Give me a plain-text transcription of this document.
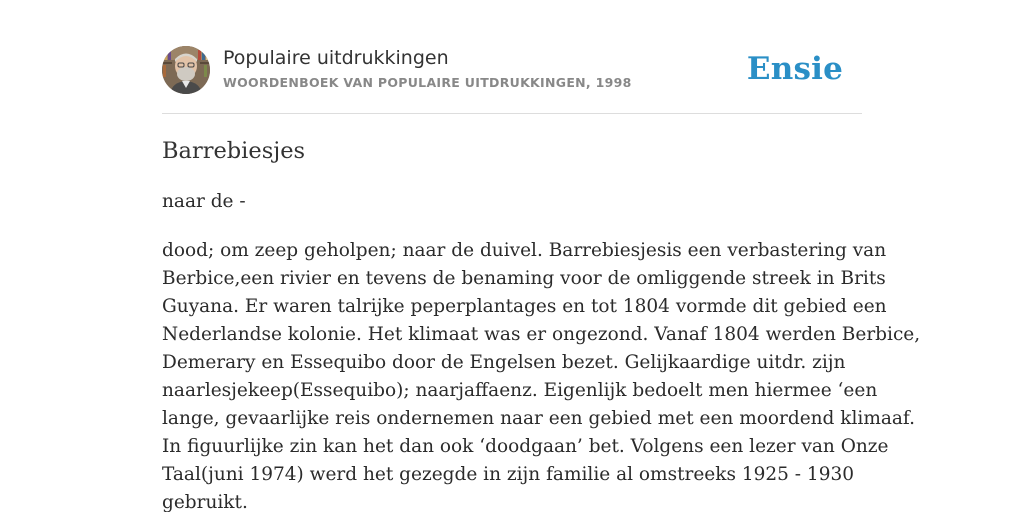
Populaire uitdrukkingen
WOORDENBOEK VAN POPULAIRE UITDRUKKINGEN, 1998	Ensie
Barrebiesjes

naar de -

dood; om zeep geholpen; naar de duivel. Barrebiesjesis een verbastering van
Berbice,een rivier en tevens de benaming voor de omliggende streek in Brits
Guyana. Er waren talrijke peperplantages en tot 1804 vormde dit gebied een
Nederlandse kolonie. Het klimaat was er ongezond. Vanaf 1804 werden Berbice,
Demerary en Essequibo door de Engelsen bezet. Gelijkaardige uitdr. zijn
naarlesjekeep(Essequibo); naarjaffaenz. Eigenlijk bedoelt men hiermee ‘een
lange, gevaarlijke reis ondernemen naar een gebied met een moordend klimaaf.
In figuurlijke zin kan het dan ook ‘doodgaan’ bet. Volgens een lezer van Onze
Taal(juni 1974) werd het gezegde in zijn familie al omstreeks 1925 - 1930
gebruikt.
